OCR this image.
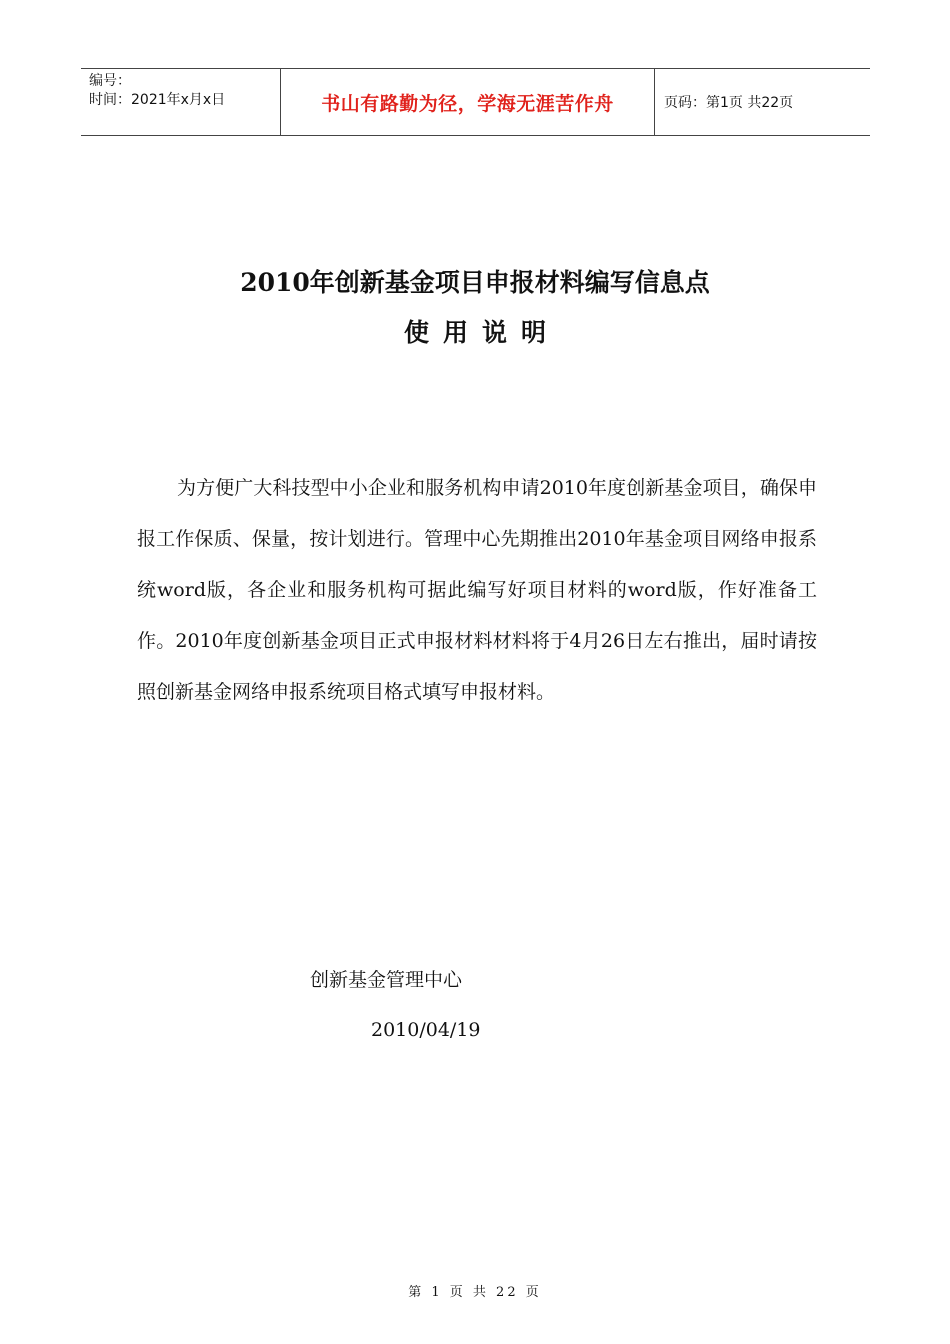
编号：
时间：2021年x月x日	书山有路勤为径，学海无涯苦作舟	页码：第1页 共22页
2010年创新基金项目申报材料编写信息点
使用说明
为方便广大科技型中小企业和服务机构申请2010年度创新基金项目，确保申报工作保质、保量，按计划进行。管理中心先期推出2010年基金项目网络申报系统word版，各企业和服务机构可据此编写好项目材料的word版，作好准备工作。2010年度创新基金项目正式申报材料材料将于4月26日左右推出，届时请按照创新基金网络申报系统项目格式填写申报材料。
创新基金管理中心
2010/04/19
第 1 页 共 22 页
